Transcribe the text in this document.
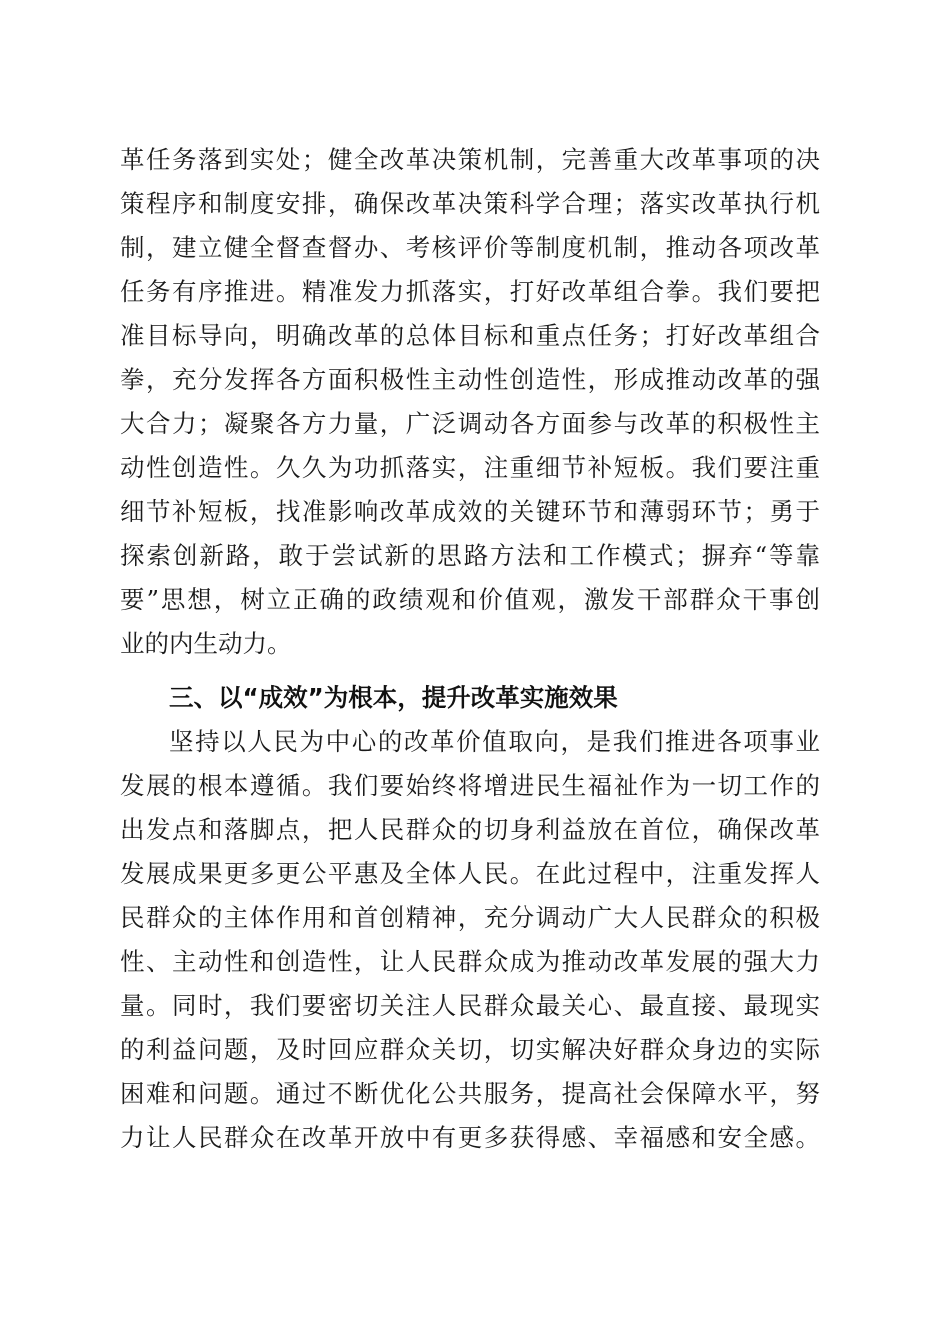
革任务落到实处；健全改革决策机制，完善重大改革事项的决
策程序和制度安排，确保改革决策科学合理；落实改革执行机
制，建立健全督查督办、考核评价等制度机制，推动各项改革
任务有序推进。精准发力抓落实，打好改革组合拳。我们要把
准目标导向，明确改革的总体目标和重点任务；打好改革组合
拳，充分发挥各方面积极性主动性创造性，形成推动改革的强
大合力；凝聚各方力量，广泛调动各方面参与改革的积极性主
动性创造性。久久为功抓落实，注重细节补短板。我们要注重
细节补短板，找准影响改革成效的关键环节和薄弱环节；勇于
探索创新路，敢于尝试新的思路方法和工作模式；摒弃“等靠
要”思想，树立正确的政绩观和价值观，激发干部群众干事创
业的内生动力。
三、以“成效”为根本，提升改革实施效果
坚持以人民为中心的改革价值取向，是我们推进各项事业
发展的根本遵循。我们要始终将增进民生福祉作为一切工作的
出发点和落脚点，把人民群众的切身利益放在首位，确保改革
发展成果更多更公平惠及全体人民。在此过程中，注重发挥人
民群众的主体作用和首创精神，充分调动广大人民群众的积极
性、主动性和创造性，让人民群众成为推动改革发展的强大力
量。同时，我们要密切关注人民群众最关心、最直接、最现实
的利益问题，及时回应群众关切，切实解决好群众身边的实际
困难和问题。通过不断优化公共服务，提高社会保障水平，努
力让人民群众在改革开放中有更多获得感、幸福感和安全感。
